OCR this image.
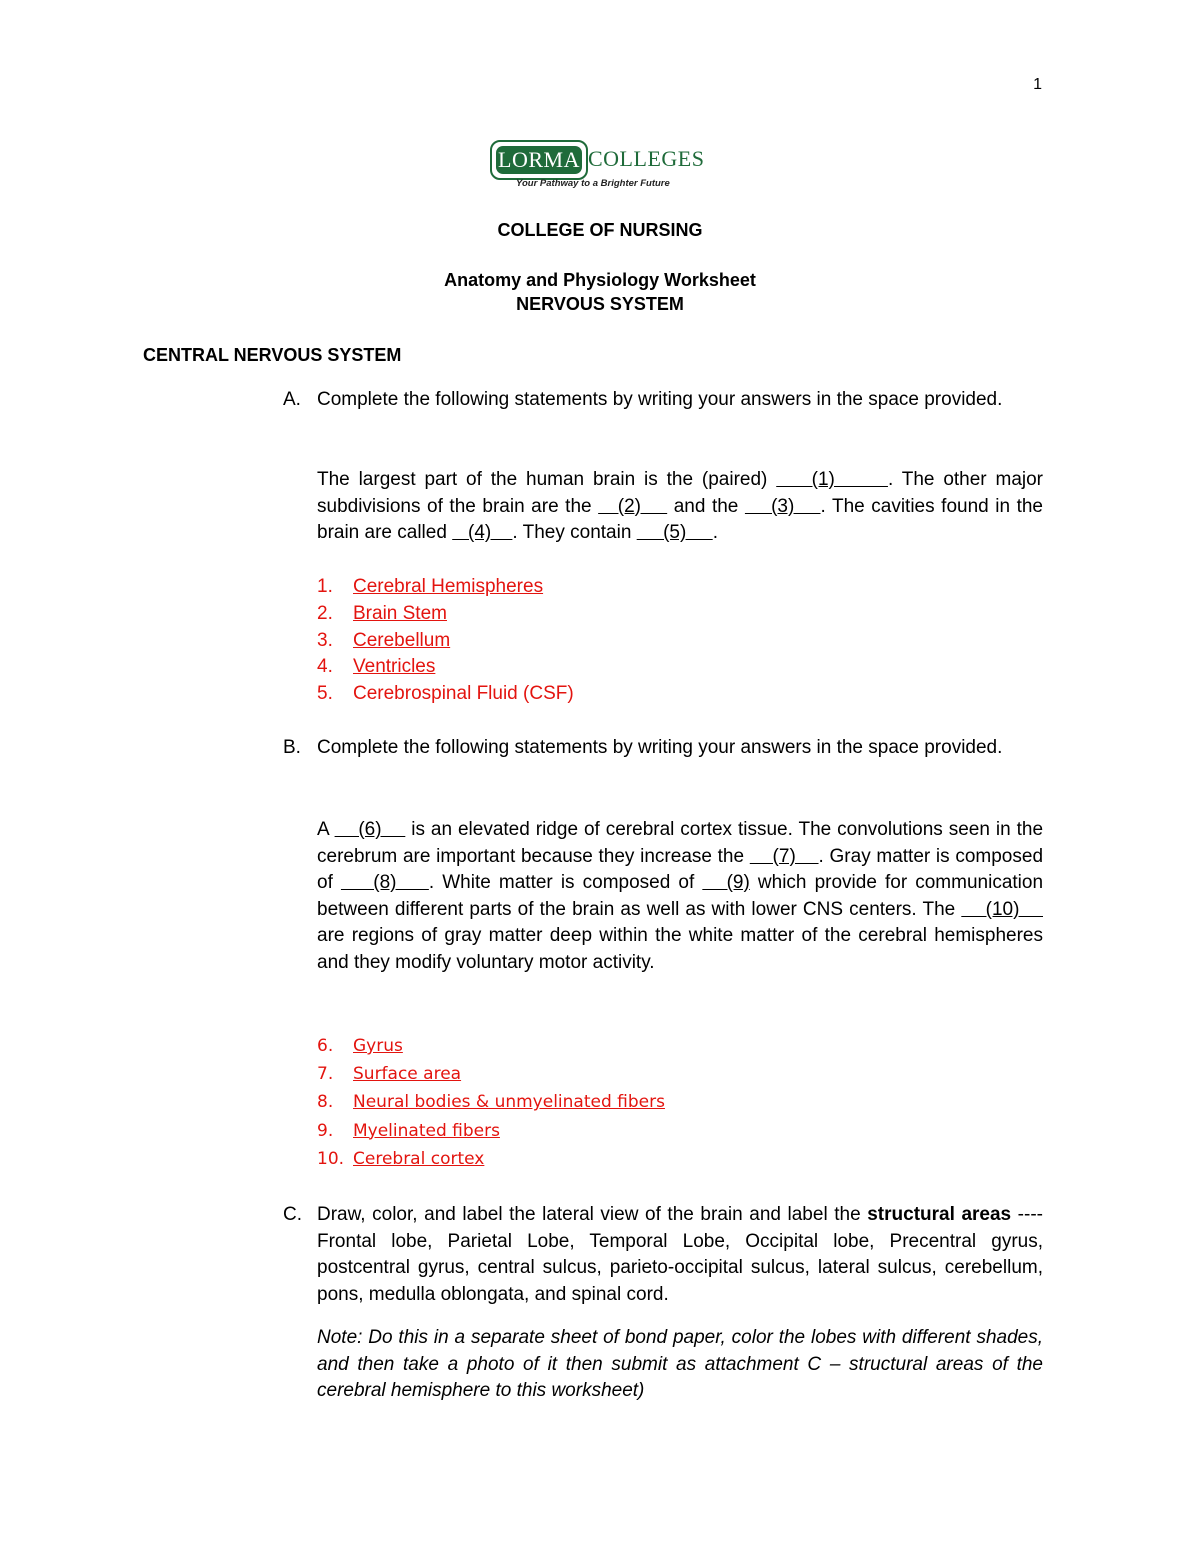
1
LORMA COLLEGES
Your Pathway to a Brighter Future
COLLEGE OF NURSING
Anatomy and Physiology Worksheet
NERVOUS SYSTEM
CENTRAL NERVOUS SYSTEM
A. Complete the following statements by writing your answers in the space provided.
The largest part of the human brain is the (paired)     (1)      . The other major subdivisions of the brain are the    (2)     and the     (3)    . The cavities found in the brain are called    (4)    . They contain      (5)     .
1. Cerebral Hemispheres
2. Brain Stem
3. Cerebellum
4. Ventricles
5. Cerebrospinal Fluid (CSF)
B. Complete the following statements by writing your answers in the space provided.
A     (6)     is an elevated ridge of cerebral cortex tissue. The convolutions seen in the cerebrum are important because they increase the     (7)    . Gray matter is composed of     (8)    . White matter is composed of    (9) which provide for communication between different parts of the brain as well as with lower CNS centers. The     (10)     are regions of gray matter deep within the white matter of the cerebral hemispheres and they modify voluntary motor activity.
6. Gyrus
7. Surface area
8. Neural bodies & unmyelinated fibers
9. Myelinated fibers
10. Cerebral cortex
C. Draw, color, and label the lateral view of the brain and label the structural areas ---- Frontal lobe, Parietal Lobe, Temporal Lobe, Occipital lobe, Precentral gyrus, postcentral gyrus, central sulcus, parieto-occipital sulcus, lateral sulcus, cerebellum, pons, medulla oblongata, and spinal cord.
Note: Do this in a separate sheet of bond paper, color the lobes with different shades, and then take a photo of it then submit as attachment C – structural areas of the cerebral hemisphere to this worksheet)
